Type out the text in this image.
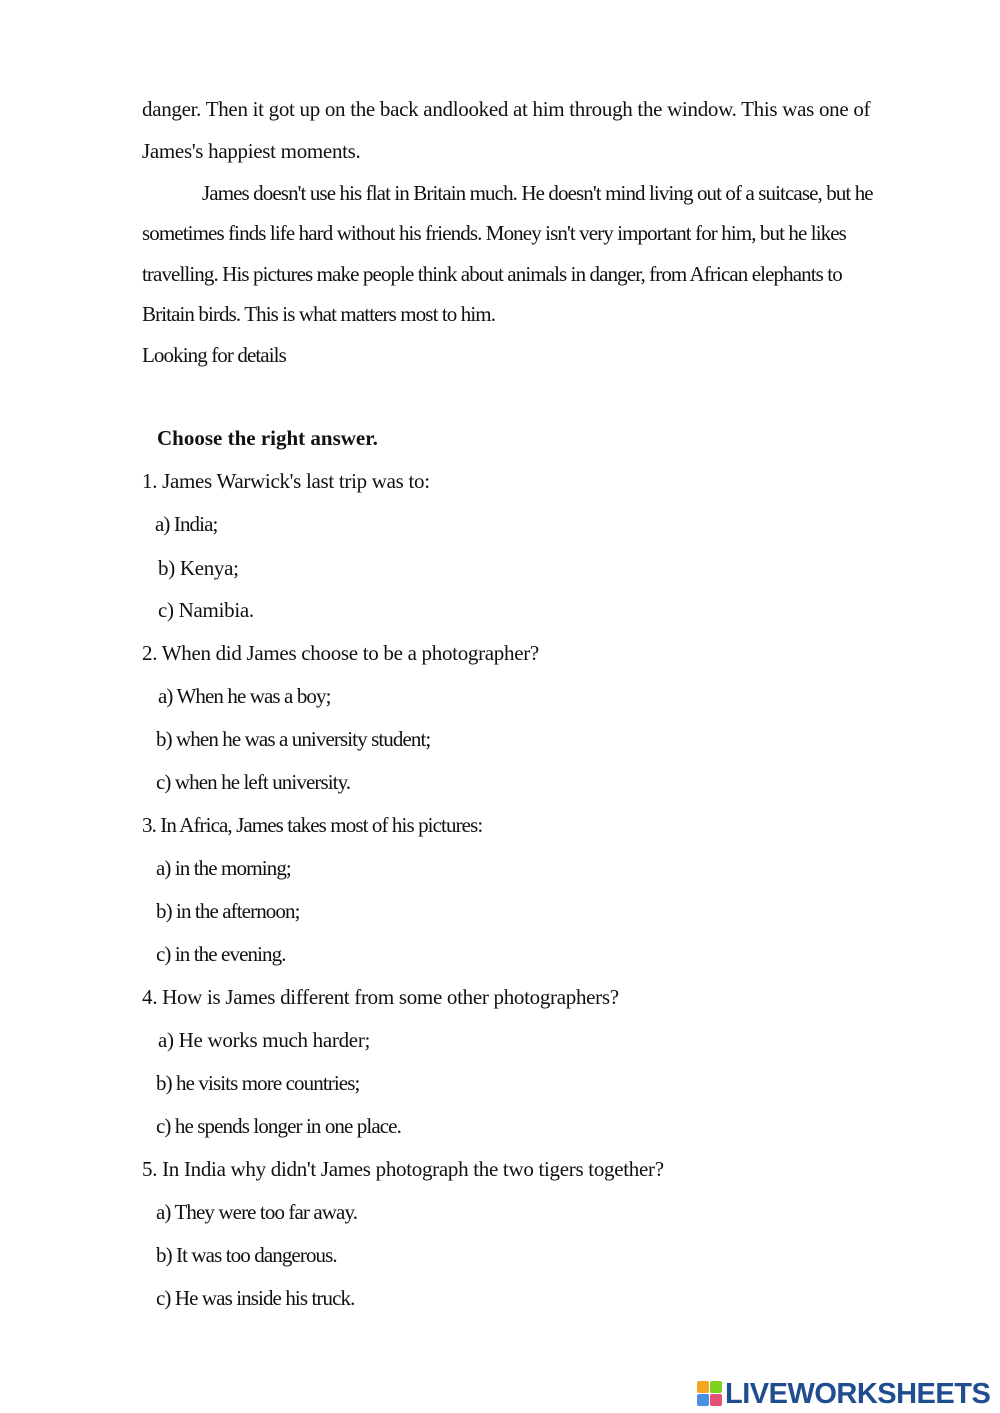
danger. Then it got up on the back andlooked at him through the window. This was one of
James's happiest moments.
James doesn't use his flat in Britain much. He doesn't mind living out of a suitcase, but he
sometimes finds life hard without his friends. Money isn't very important for him, but he likes
travelling. His pictures make people think about animals in danger, from African elephants to
Britain birds. This is what matters most to him.
Looking for details
Choose the right answer.
1. James Warwick's last trip was to:
a) India;
b) Kenya;
c) Namibia.
2. When did James choose to be a photographer?
a) When he was a boy;
b) when he was a university student;
c) when he left university.
3. In Africa, James takes most of his pictures:
a) in the morning;
b) in the afternoon;
c) in the evening.
4. How is James different from some other photographers?
a) He works much harder;
b) he visits more countries;
c) he spends longer in one place.
5. In India why didn't James photograph the two tigers together?
a) They were too far away.
b) It was too dangerous.
c) He was inside his truck.
LIVEWORKSHEETS
